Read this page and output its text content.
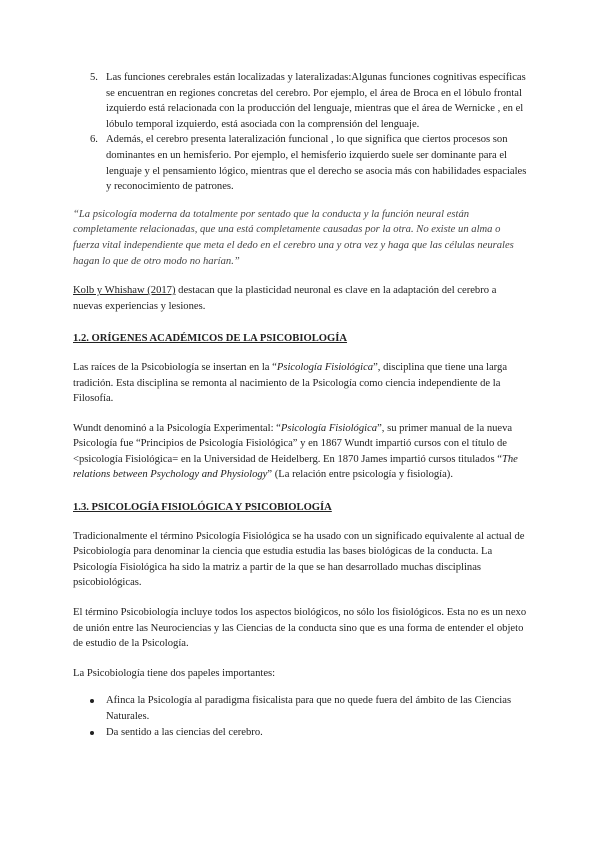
5. Las funciones cerebrales están localizadas y lateralizadas:Algunas funciones cognitivas específicas se encuentran en regiones concretas del cerebro. Por ejemplo, el área de Broca en el lóbulo frontal izquierdo está relacionada con la producción del lenguaje, mientras que el área de Wernicke , en el lóbulo temporal izquierdo, está asociada con la comprensión del lenguaje.
6. Además, el cerebro presenta lateralización funcional , lo que significa que ciertos procesos son dominantes en un hemisferio. Por ejemplo, el hemisferio izquierdo suele ser dominante para el lenguaje y el pensamiento lógico, mientras que el derecho se asocia más con habilidades espaciales y reconocimiento de patrones.

“La psicología moderna da totalmente por sentado que la conducta y la función neural están completamente relacionadas, que una está completamente causadas por la otra. No existe un alma o fuerza vital independiente que meta el dedo en el cerebro una y otra vez y haga que las células neurales hagan lo que de otro modo no harían.”

Kolb y Whishaw (2017) destacan que la plasticidad neuronal es clave en la adaptación del cerebro a nuevas experiencias y lesiones.

1.2. ORÍGENES ACADÉMICOS DE LA PSICOBIOLOGÍA

Las raíces de la Psicobiología se insertan en la “Psicología Fisiológica”, disciplina que tiene una larga tradición. Esta disciplina se remonta al nacimiento de la Psicología como ciencia independiente de la Filosofía.

Wundt denominó a la Psicología Experimental: “Psicología Fisiológica”, su primer manual de la nueva Psicología fue “Principios de Psicología Fisiológica” y en 1867 Wundt impartió cursos con el título de <psicología Fisiológica= en la Universidad de Heidelberg. En 1870 James impartió cursos titulados “The relations between Psychology and Physiology” (La relación entre psicología y fisiología).

1.3. PSICOLOGÍA FISIOLÓGICA Y PSICOBIOLOGÍA

Tradicionalmente el término Psicología Fisiológica se ha usado con un significado equivalente al actual de Psicobiología para denominar la ciencia que estudia estudia las bases biológicas de la conducta. La Psicología Fisiológica ha sido la matriz a partir de la que se han desarrollado muchas disciplinas psicobiológicas.

El término Psicobiología incluye todos los aspectos biológicos, no sólo los fisiológicos. Esta no es un nexo de unión entre las Neurociencias y las Ciencias de la conducta sino que es una forma de entender el objeto de estudio de la Psicología.

La Psicobiología tiene dos papeles importantes:

Afinca la Psicología al paradigma fisicalista para que no quede fuera del ámbito de las Ciencias Naturales.
Da sentido a las ciencias del cerebro.
